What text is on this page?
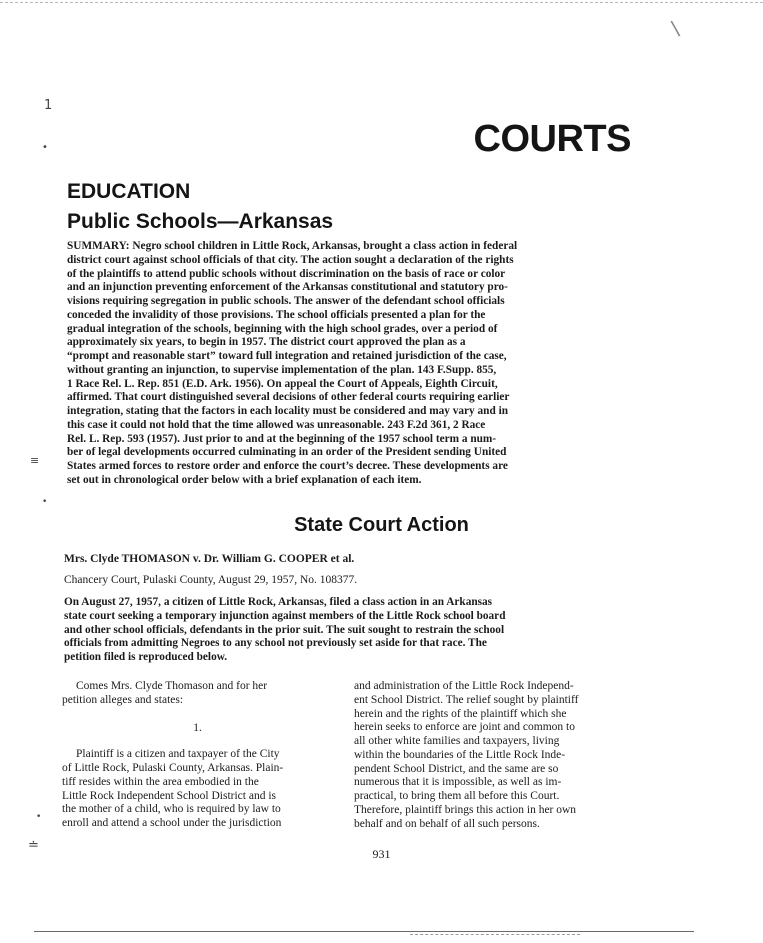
\
1
•
≡
•
•
≐
COURTS
EDUCATION
Public Schools—Arkansas
SUMMARY: Negro school children in Little Rock, Arkansas, brought a class action in federal
district court against school officials of that city. The action sought a declaration of the rights
of the plaintiffs to attend public schools without discrimination on the basis of race or color
and an injunction preventing enforcement of the Arkansas constitutional and statutory pro-
visions requiring segregation in public schools. The answer of the defendant school officials
conceded the invalidity of those provisions. The school officials presented a plan for the
gradual integration of the schools, beginning with the high school grades, over a period of
approximately six years, to begin in 1957. The district court approved the plan as a
“prompt and reasonable start” toward full integration and retained jurisdiction of the case,
without granting an injunction, to supervise implementation of the plan. 143 F.Supp. 855,
1 Race Rel. L. Rep. 851 (E.D. Ark. 1956). On appeal the Court of Appeals, Eighth Circuit,
affirmed. That court distinguished several decisions of other federal courts requiring earlier
integration, stating that the factors in each locality must be considered and may vary and in
this case it could not hold that the time allowed was unreasonable. 243 F.2d 361, 2 Race
Rel. L. Rep. 593 (1957). Just prior to and at the beginning of the 1957 school term a num-
ber of legal developments occurred culminating in an order of the President sending United
States armed forces to restore order and enforce the court’s decree. These developments are
set out in chronological order below with a brief explanation of each item.
State Court Action
Mrs. Clyde THOMASON v. Dr. William G. COOPER et al.
Chancery Court, Pulaski County, August 29, 1957, No. 108377.
On August 27, 1957, a citizen of Little Rock, Arkansas, filed a class action in an Arkansas
state court seeking a temporary injunction against members of the Little Rock school board
and other school officials, defendants in the prior suit. The suit sought to restrain the school
officials from admitting Negroes to any school not previously set aside for that race. The
petition filed is reproduced below.

Comes Mrs. Clyde Thomason and for her
petition alleges and states:

1.

Plaintiff is a citizen and taxpayer of the City
of Little Rock, Pulaski County, Arkansas. Plain-
tiff resides within the area embodied in the
Little Rock Independent School District and is
the mother of a child, who is required by law to
enroll and attend a school under the jurisdiction

and administration of the Little Rock Independ-
ent School District. The relief sought by plaintiff
herein and the rights of the plaintiff which she
herein seeks to enforce are joint and common to
all other white families and taxpayers, living
within the boundaries of the Little Rock Inde-
pendent School District, and the same are so
numerous that it is impossible, as well as im-
practical, to bring them all before this Court.
Therefore, plaintiff brings this action in her own
behalf and on behalf of all such persons.

931
